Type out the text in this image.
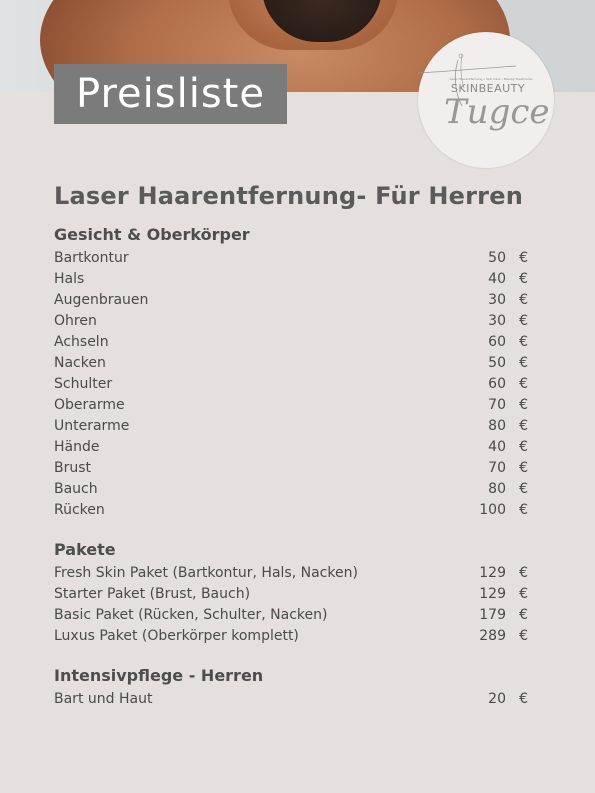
Preisliste	Laser Haarentfernung • Skin Care • Beauty Treatments
SKINBEAUTY
Tugce
Laser Haarentfernung- Für Herren
Gesicht & Oberkörper
Bartkontur	50 €
Hals	40 €
Augenbrauen	30 €
Ohren	30 €
Achseln	60 €
Nacken	50 €
Schulter	60 €
Oberarme	70 €
Unterarme	80 €
Hände	40 €
Brust	70 €
Bauch	80 €
Rücken	100 €
Pakete
Fresh Skin Paket (Bartkontur, Hals, Nacken)	129 €
Starter Paket (Brust, Bauch)	129 €
Basic Paket (Rücken, Schulter, Nacken)	179 €
Luxus Paket (Oberkörper komplett)	289 €
Intensivpflege - Herren
Bart und Haut	20 €
